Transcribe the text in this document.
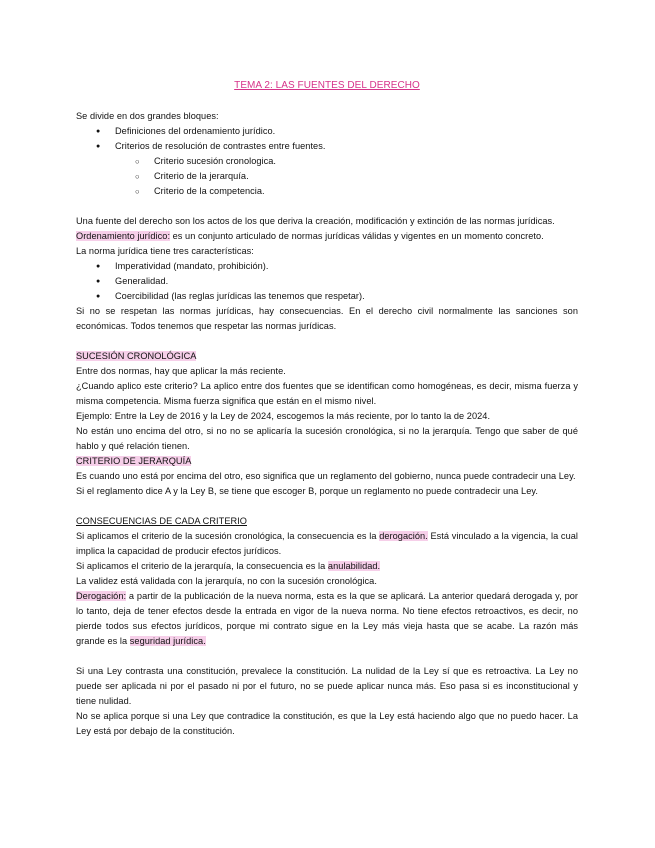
TEMA 2: LAS FUENTES DEL DERECHO

Se divide en dos grandes bloques:

● Definiciones del ordenamiento jurídico.
● Criterios de resolución de contrastes entre fuentes.
○ Criterio sucesión cronologica.
○ Criterio de la jerarquía.
○ Criterio de la competencia.

Una fuente del derecho son los actos de los que deriva la creación, modificación y extinción de las normas jurídicas.

Ordenamiento jurídico: es un conjunto articulado de normas jurídicas válidas y vigentes en un momento concreto.

La norma jurídica tiene tres características:

● Imperatividad (mandato, prohibición).
● Generalidad.
● Coercibilidad (las reglas jurídicas las tenemos que respetar).

Si no se respetan las normas jurídicas, hay consecuencias. En el derecho civil normalmente las sanciones son económicas. Todos tenemos que respetar las normas jurídicas.

SUCESIÓN CRONOLÓGICA

Entre dos normas, hay que aplicar la más reciente.

¿Cuando aplico este criterio? La aplico entre dos fuentes que se identifican como homogéneas, es decir, misma fuerza y misma competencia. Misma fuerza significa que están en el mismo nivel.

Ejemplo: Entre la Ley de 2016 y la Ley de 2024, escogemos la más reciente, por lo tanto la de 2024.

No están uno encima del otro, si no no se aplicaría la sucesión cronológica, si no la jerarquía. Tengo que saber de qué hablo y qué relación tienen.

CRITERIO DE JERARQUÍA

Es cuando uno está por encima del otro, eso significa que un reglamento del gobierno, nunca puede contradecir una Ley.

Si el reglamento dice A y la Ley B, se tiene que escoger B, porque un reglamento no puede contradecir una Ley.

CONSECUENCIAS DE CADA CRITERIO

Si aplicamos el criterio de la sucesión cronológica, la consecuencia es la derogación. Está vinculado a la vigencia, la cual implica la capacidad de producir efectos jurídicos.

Si aplicamos el criterio de la jerarquía, la consecuencia es la anulabilidad.

La validez está validada con la jerarquía, no con la sucesión cronológica.

Derogación: a partir de la publicación de la nueva norma, esta es la que se aplicará. La anterior quedará derogada y, por lo tanto, deja de tener efectos desde la entrada en vigor de la nueva norma. No tiene efectos retroactivos, es decir, no pierde todos sus efectos jurídicos, porque mi contrato sigue en la Ley más vieja hasta que se acabe. La razón más grande es la seguridad jurídica.

Si una Ley contrasta una constitución, prevalece la constitución. La nulidad de la Ley sí que es retroactiva. La Ley no puede ser aplicada ni por el pasado ni por el futuro, no se puede aplicar nunca más. Eso pasa si es inconstitucional y tiene nulidad.

No se aplica porque si una Ley que contradice la constitución, es que la Ley está haciendo algo que no puedo hacer. La Ley está por debajo de la constitución.
